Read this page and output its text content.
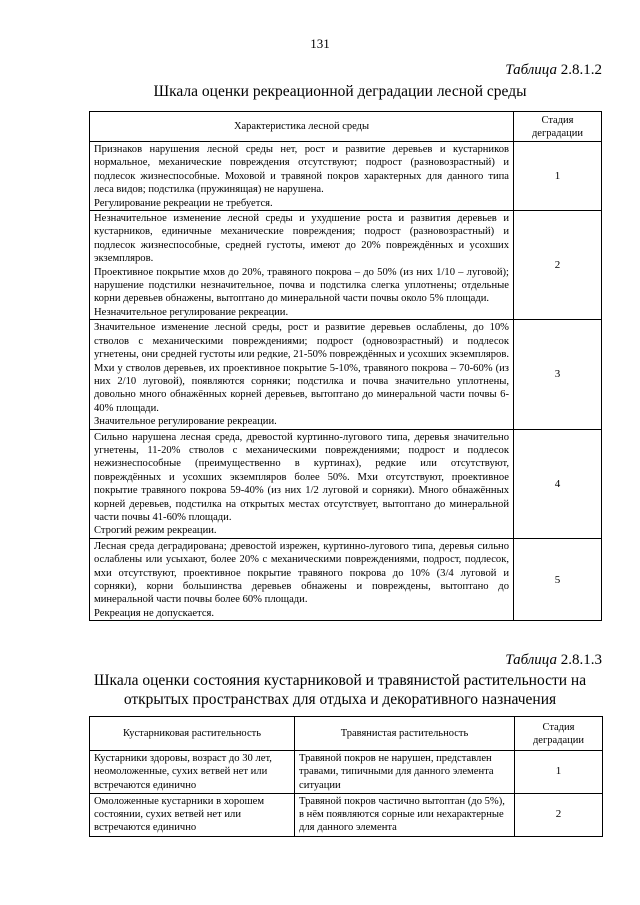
131
Таблица 2.8.1.2
Шкала оценки рекреационной деградации лесной среды
Характеристика лесной среды	Стадия
деградации

Признаков нарушения лесной среды нет, рост и развитие деревьев и кустарников нормальное, механические повреждения отсутствуют; подрост (разновозрастный) и подлесок жизнеспособные. Моховой и травяной покров характерных для данного типа леса видов; подстилка (пружинящая) не нарушена.
Регулирование рекреации не требуется.	1

Незначительное изменение лесной среды и ухудшение роста и развития деревьев и кустарников, единичные механические повреждения; подрост (разновозрастный) и подлесок жизнеспособные, средней густоты, имеют до 20% повреждённых и усохших экземпляров.
Проективное покрытие мхов до 20%, травяного покрова – до 50% (из них 1/10 – луговой); нарушение подстилки незначительное, почва и подстилка слегка уплотнены; отдельные корни деревьев обнажены, вытоптано до минеральной части почвы около 5% площади.
Незначительное регулирование рекреации.	2

Значительное изменение лесной среды, рост и развитие деревьев ослаблены, до 10% стволов с механическими повреждениями; подрост (одновозрастный) и подлесок угнетены, они средней густоты или редкие, 21-50% повреждённых и усохших экземпляров. Мхи у стволов деревьев, их проективное покрытие 5-10%, травяного покрова – 70-60% (из них 2/10 луговой), появляются сорняки; подстилка и почва значительно уплотнены, довольно много обнажённых корней деревьев, вытоптано до минеральной части почвы 6-40% площади.
Значительное регулирование рекреации.	3

Сильно нарушена лесная среда, древостой куртинно-лугового типа, деревья значительно угнетены, 11-20% стволов с механическими повреждениями; подрост и подлесок нежизнеспособные (преимущественно в куртинах), редкие или отсутствуют, повреждённых и усохших экземпляров более 50%. Мхи отсутствуют, проективное покрытие травяного покрова 59-40% (из них 1/2 луговой и сорняки). Много обнажённых корней деревьев, подстилка на открытых местах отсутствует, вытоптано до минеральной части почвы 41-60% площади.
Строгий режим рекреации.	4

Лесная среда деградирована; древостой изрежен, куртинно-лугового типа, деревья сильно ослаблены или усыхают, более 20% с механическими повреждениями, подрост, подлесок, мхи отсутствуют, проективное покрытие травяного покрова до 10% (3/4 луговой и сорняки), корни большинства деревьев обнажены и повреждены, вытоптано до минеральной части почвы более 60% площади.
Рекреация не допускается.	5
Таблица 2.8.1.3
Шкала оценки состояния кустарниковой и травянистой растительности на
открытых пространствах для отдыха и декоративного назначения
Кустарниковая растительность	Травянистая растительность	Стадия
деградации
Кустарники здоровы, возраст до 30 лет, неомоложенные, сухих ветвей нет или встречаются единично	Травяной покров не нарушен, представлен травами, типичными для данного элемента ситуации	1
Омоложенные кустарники в хорошем состоянии, сухих ветвей нет или встречаются единично	Травяной покров частично вытоптан (до 5%), в нём появляются сорные или нехарактерные для данного элемента	2
